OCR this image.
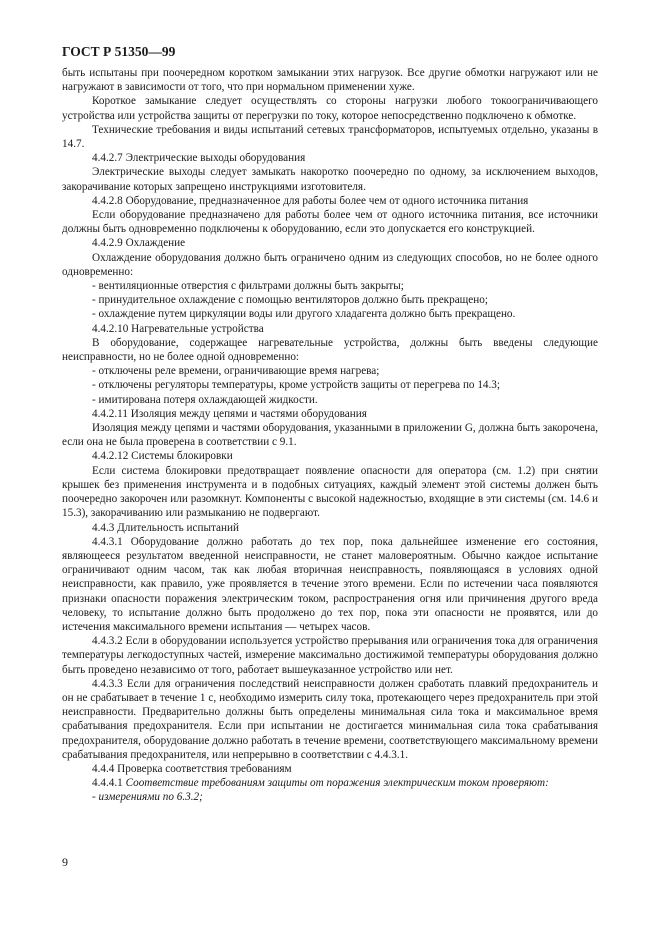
ГОСТ Р 51350—99

быть испытаны при поочередном коротком замыкании этих нагрузок. Все другие обмотки нагружают или не нагружают в зависимости от того, что при нормальном применении хуже.

Короткое замыкание следует осуществлять со стороны нагрузки любого токоограничивающего устройства или устройства защиты от перегрузки по току, которое непосредственно подключено к обмотке.

Технические требования и виды испытаний сетевых трансформаторов, испытуемых отдельно, указаны в 14.7.

4.4.2.7 Электрические выходы оборудования

Электрические выходы следует замыкать накоротко поочередно по одному, за исключением выходов, закорачивание которых запрещено инструкциями изготовителя.

4.4.2.8 Оборудование, предназначенное для работы более чем от одного источника питания

Если оборудование предназначено для работы более чем от одного источника питания, все источники должны быть одновременно подключены к оборудованию, если это допускается его конструкцией.

4.4.2.9 Охлаждение

Охлаждение оборудования должно быть ограничено одним из следующих способов, но не более одного одновременно:

- вентиляционные отверстия с фильтрами должны быть закрыты;

- принудительное охлаждение с помощью вентиляторов должно быть прекращено;

- охлаждение путем циркуляции воды или другого хладагента должно быть прекращено.

4.4.2.10 Нагревательные устройства

В оборудование, содержащее нагревательные устройства, должны быть введены следующие неисправности, но не более одной одновременно:

- отключены реле времени, ограничивающие время нагрева;

- отключены регуляторы температуры, кроме устройств защиты от перегрева по 14.3;

- имитирована потеря охлаждающей жидкости.

4.4.2.11 Изоляция между цепями и частями оборудования

Изоляция между цепями и частями оборудования, указанными в приложении G, должна быть закорочена, если она не была проверена в соответствии с 9.1.

4.4.2.12 Системы блокировки

Если система блокировки предотвращает появление опасности для оператора (см. 1.2) при снятии крышек без применения инструмента и в подобных ситуациях, каждый элемент этой системы должен быть поочередно закорочен или разомкнут. Компоненты с высокой надежностью, входящие в эти системы (см. 14.6 и 15.3), закорачиванию или размыканию не подвергают.

4.4.3 Длительность испытаний

4.4.3.1 Оборудование должно работать до тех пор, пока дальнейшее изменение его состояния, являющееся результатом введенной неисправности, не станет маловероятным. Обычно каждое испытание ограничивают одним часом, так как любая вторичная неисправность, появляющаяся в условиях одной неисправности, как правило, уже проявляется в течение этого времени. Если по истечении часа появляются признаки опасности поражения электрическим током, распространения огня или причинения другого вреда человеку, то испытание должно быть продолжено до тех пор, пока эти опасности не проявятся, или до истечения максимального времени испытания — четырех часов.

4.4.3.2 Если в оборудовании используется устройство прерывания или ограничения тока для ограничения температуры легкодоступных частей, измерение максимально достижимой температуры оборудования должно быть проведено независимо от того, работает вышеуказанное устройство или нет.

4.4.3.3 Если для ограничения последствий неисправности должен сработать плавкий предохранитель и он не срабатывает в течение 1 с, необходимо измерить силу тока, протекающего через предохранитель при этой неисправности. Предварительно должны быть определены минимальная сила тока и максимальное время срабатывания предохранителя. Если при испытании не достигается минимальная сила тока срабатывания предохранителя, оборудование должно работать в течение времени, соответствующего максимальному времени срабатывания предохранителя, или непрерывно в соответствии с 4.4.3.1.

4.4.4 Проверка соответствия требованиям

4.4.4.1 Соответствие требованиям защиты от поражения электрическим током проверяют:

- измерениями по 6.3.2;

9
